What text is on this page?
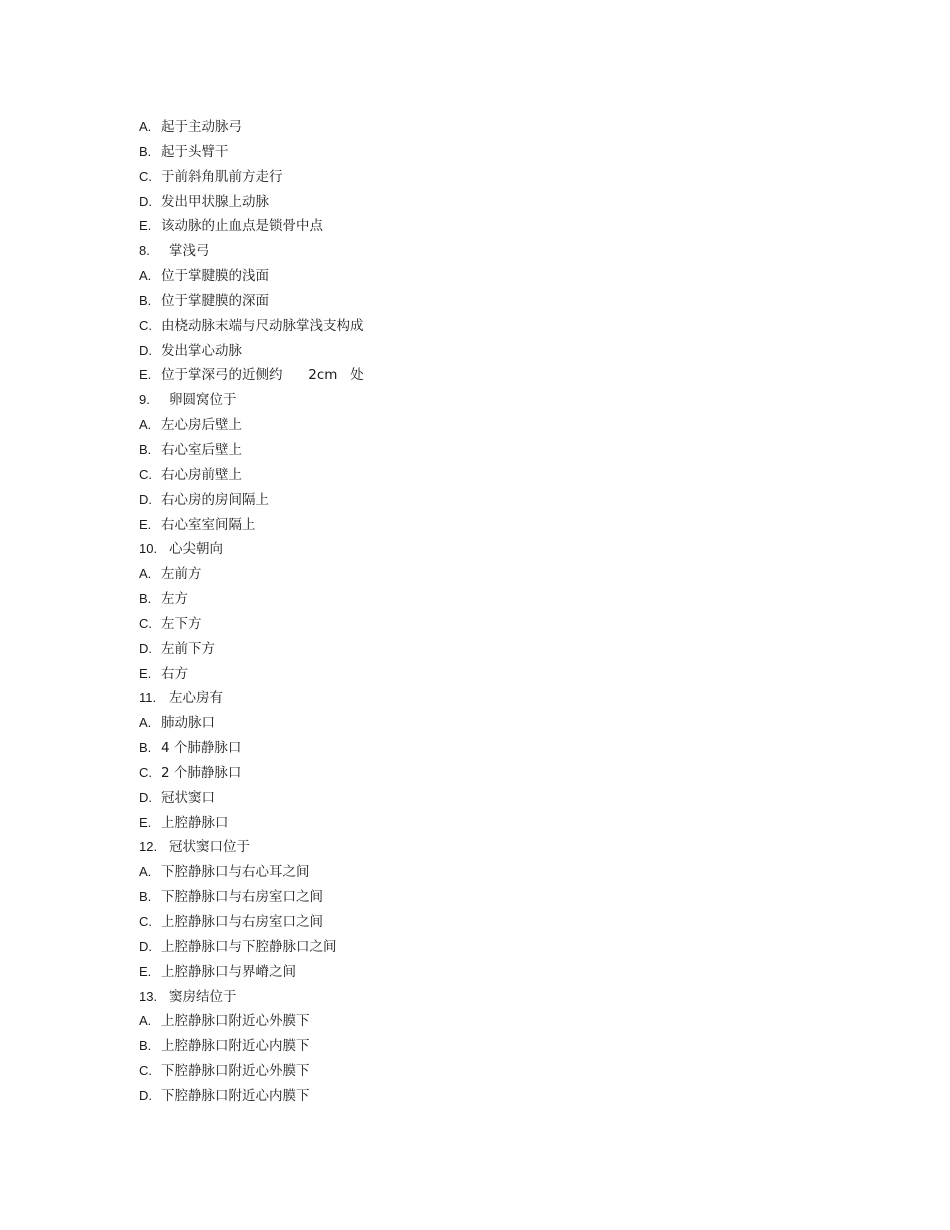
A. 起于主动脉弓
B. 起于头臂干
C. 于前斜角肌前方走行
D. 发出甲状腺上动脉
E. 该动脉的止血点是锁骨中点
8.	掌浅弓
A. 位于掌腱膜的浅面
B. 位于掌腱膜的深面
C. 由桡动脉末端与尺动脉掌浅支构成
D. 发出掌心动脉
E. 位于掌深弓的近侧约      2cm   处
9.	卵圆窝位于
A. 左心房后壁上
B. 右心室后壁上
C. 右心房前壁上
D. 右心房的房间隔上
E. 右心室室间隔上
10. 心尖朝向
A. 左前方
B. 左方
C. 左下方
D. 左前下方
E. 右方
11. 左心房有
A. 肺动脉口
B. 4 个肺静脉口
C. 2 个肺静脉口
D. 冠状窦口
E. 上腔静脉口
12. 冠状窦口位于
A. 下腔静脉口与右心耳之间
B. 下腔静脉口与右房室口之间
C. 上腔静脉口与右房室口之间
D. 上腔静脉口与下腔静脉口之间
E. 上腔静脉口与界嵴之间
13. 窦房结位于
A. 上腔静脉口附近心外膜下
B. 上腔静脉口附近心内膜下
C. 下腔静脉口附近心外膜下
D. 下腔静脉口附近心内膜下
